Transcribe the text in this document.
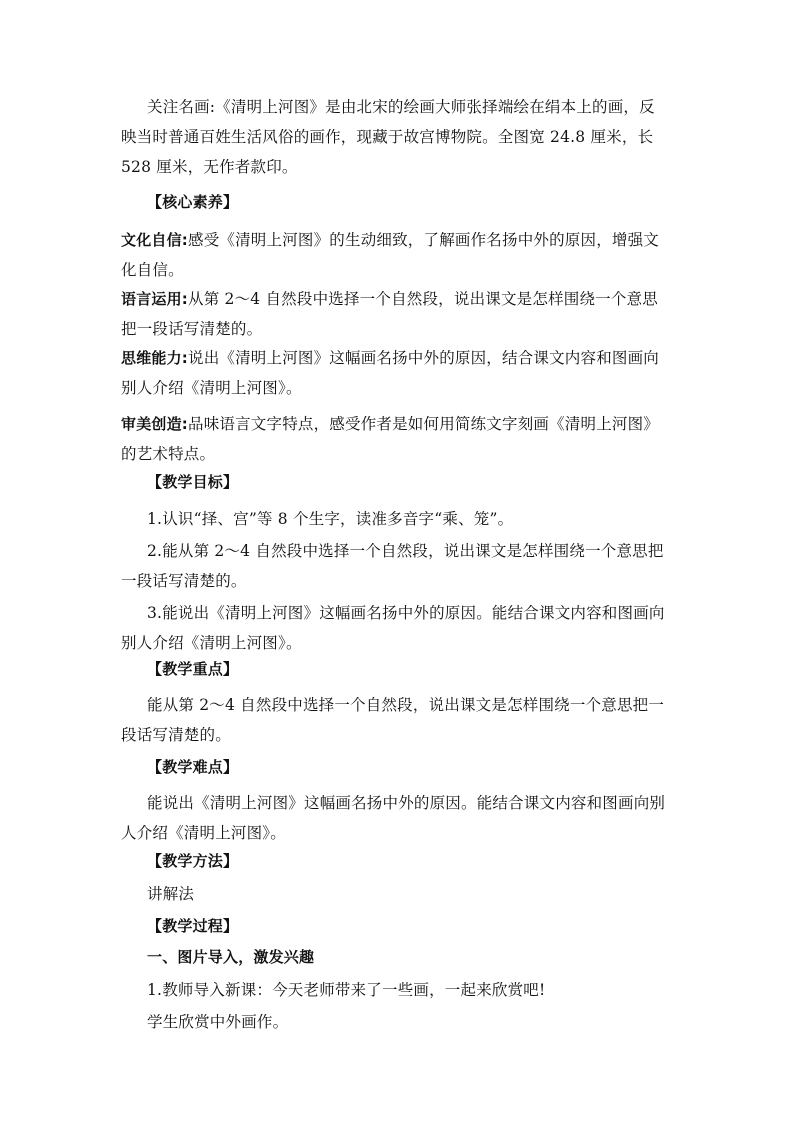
关注名画:《清明上河图》是由北宋的绘画大师张择端绘在绢本上的画，反
映当时普通百姓生活风俗的画作，现藏于故宫博物院。全图宽 24.8 厘米，长
528 厘米，无作者款印。
【核心素养】
文化自信:感受《清明上河图》的生动细致，了解画作名扬中外的原因，增强文
化自信。
语言运用:从第 2～4 自然段中选择一个自然段，说出课文是怎样围绕一个意思
把一段话写清楚的。
思维能力:说出《清明上河图》这幅画名扬中外的原因，结合课文内容和图画向
别人介绍《清明上河图》。
审美创造:品味语言文字特点，感受作者是如何用简练文字刻画《清明上河图》
的艺术特点。
【教学目标】
1.认识“择、宫”等 8 个生字，读准多音字“乘、笼”。
2.能从第 2～4 自然段中选择一个自然段，说出课文是怎样围绕一个意思把
一段话写清楚的。
3.能说出《清明上河图》这幅画名扬中外的原因。能结合课文内容和图画向
别人介绍《清明上河图》。
【教学重点】
能从第 2～4 自然段中选择一个自然段，说出课文是怎样围绕一个意思把一
段话写清楚的。
【教学难点】
能说出《清明上河图》这幅画名扬中外的原因。能结合课文内容和图画向别
人介绍《清明上河图》。
【教学方法】
讲解法
【教学过程】
一、图片导入，激发兴趣
1.教师导入新课：今天老师带来了一些画，一起来欣赏吧!
学生欣赏中外画作。
